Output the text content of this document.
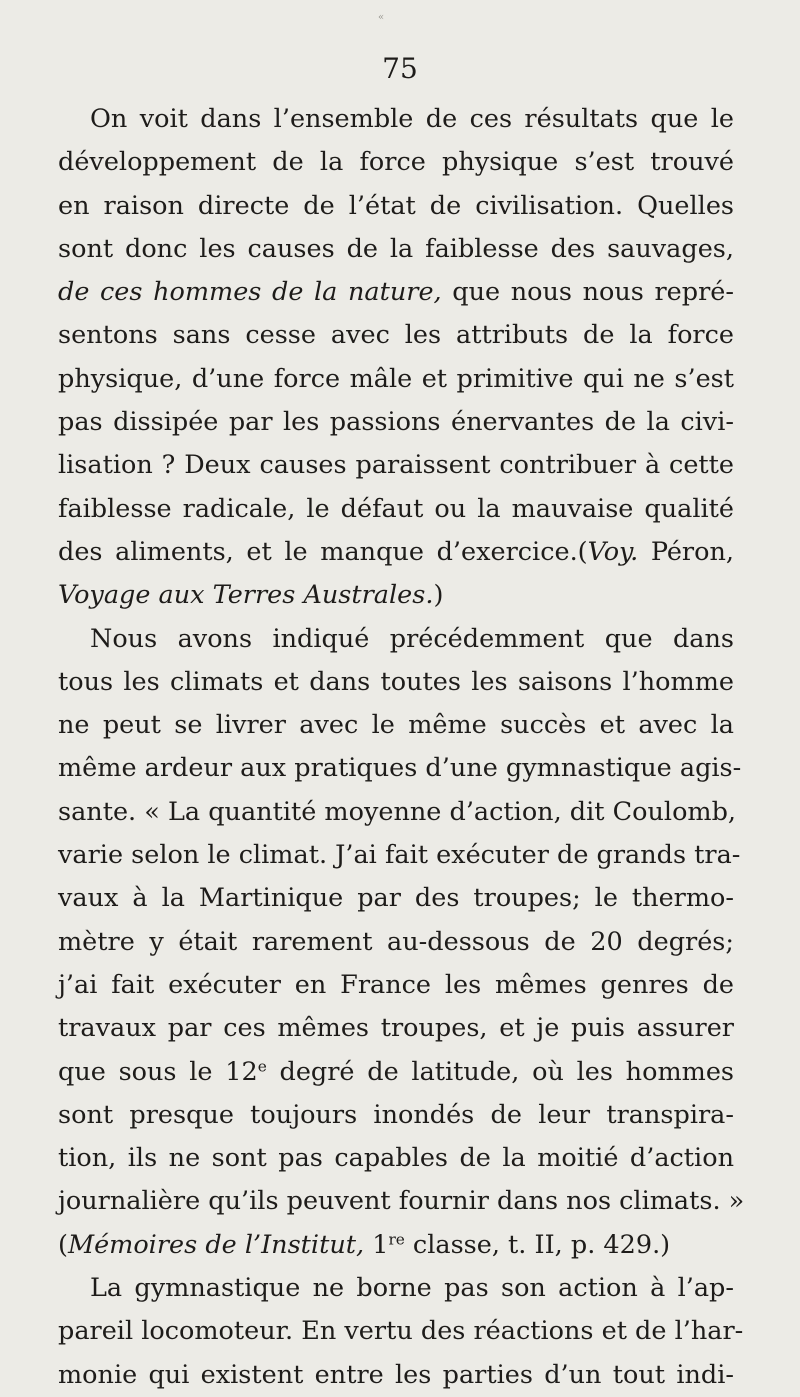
«
75
On voit dans l’ensemble de ces résultats que le
développement de la force physique s’est trouvé
en raison directe de l’état de civilisation. Quelles
sont donc les causes de la faiblesse des sauvages,
de ces hommes de la nature, que nous nous repré-
sentons sans cesse avec les attributs de la force
physique, d’une force mâle et primitive qui ne s’est
pas dissipée par les passions énervantes de la civi-
lisation ? Deux causes paraissent contribuer à cette
faiblesse radicale, le défaut ou la mauvaise qualité
des aliments, et le manque d’exercice.(Voy. Péron,
Voyage aux Terres Australes.)
Nous avons indiqué précédemment que dans
tous les climats et dans toutes les saisons l’homme
ne peut se livrer avec le même succès et avec la
même ardeur aux pratiques d’une gymnastique agis-
sante. « La quantité moyenne d’action, dit Coulomb,
varie selon le climat. J’ai fait exécuter de grands tra-
vaux à la Martinique par des troupes; le thermo-
mètre y était rarement au-dessous de 20 degrés;
j’ai fait exécuter en France les mêmes genres de
travaux par ces mêmes troupes, et je puis assurer
que sous le 12e degré de latitude, où les hommes
sont presque toujours inondés de leur transpira-
tion, ils ne sont pas capables de la moitié d’action
journalière qu’ils peuvent fournir dans nos climats. »
(Mémoires de l’Institut, 1re classe, t. II, p. 429.)
La gymnastique ne borne pas son action à l’ap-
pareil locomoteur. En vertu des réactions et de l’har-
monie qui existent entre les parties d’un tout indi-
